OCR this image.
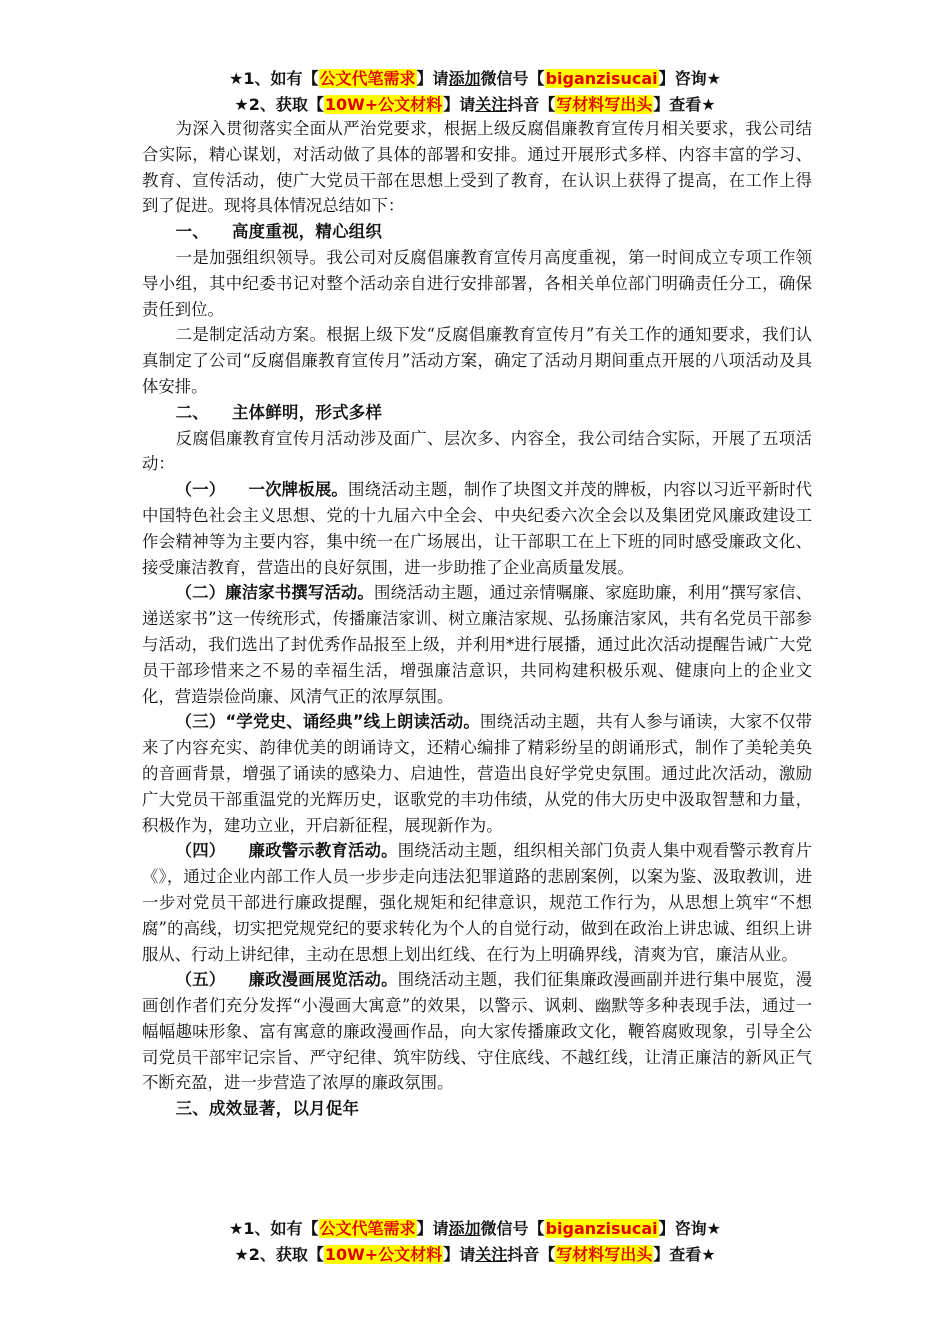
★1、如有【公文代笔需求】请添加微信号【biganzisucai】咨询★
★2、获取【10W+公文材料】请关注抖音【写材料写出头】查看★

为深入贯彻落实全面从严治党要求，根据上级反腐倡廉教育宣传月相关要求，我公司结合实际，精心谋划，对活动做了具体的部署和安排。通过开展形式多样、内容丰富的学习、教育、宣传活动，使广大党员干部在思想上受到了教育，在认识上获得了提高，在工作上得到了促进。现将具体情况总结如下：

一、 高度重视，精心组织

一是加强组织领导。我公司对反腐倡廉教育宣传月高度重视，第一时间成立专项工作领导小组，其中纪委书记对整个活动亲自进行安排部署，各相关单位部门明确责任分工，确保责任到位。

二是制定活动方案。根据上级下发“反腐倡廉教育宣传月”有关工作的通知要求，我们认真制定了公司“反腐倡廉教育宣传月”活动方案，确定了活动月期间重点开展的八项活动及具体安排。

二、 主体鲜明，形式多样

反腐倡廉教育宣传月活动涉及面广、层次多、内容全，我公司结合实际，开展了五项活动：

（一） 一次牌板展。围绕活动主题，制作了块图文并茂的牌板，内容以习近平新时代中国特色社会主义思想、党的十九届六中全会、中央纪委六次全会以及集团党风廉政建设工作会精神等为主要内容，集中统一在广场展出，让干部职工在上下班的同时感受廉政文化、接受廉洁教育，营造出的良好氛围，进一步助推了企业高质量发展。

（二）廉洁家书撰写活动。围绕活动主题，通过亲情嘱廉、家庭助廉，利用“撰写家信、递送家书”这一传统形式，传播廉洁家训、树立廉洁家规、弘扬廉洁家风，共有名党员干部参与活动，我们选出了封优秀作品报至上级，并利用*进行展播，通过此次活动提醒告诫广大党员干部珍惜来之不易的幸福生活，增强廉洁意识，共同构建积极乐观、健康向上的企业文化，营造崇俭尚廉、风清气正的浓厚氛围。

（三）“学党史、诵经典”线上朗读活动。围绕活动主题，共有人参与诵读，大家不仅带来了内容充实、韵律优美的朗诵诗文，还精心编排了精彩纷呈的朗诵形式，制作了美轮美奂的音画背景，增强了诵读的感染力、启迪性，营造出良好学党史氛围。通过此次活动，激励广大党员干部重温党的光辉历史，讴歌党的丰功伟绩，从党的伟大历史中汲取智慧和力量，积极作为，建功立业，开启新征程，展现新作为。

（四） 廉政警示教育活动。围绕活动主题，组织相关部门负责人集中观看警示教育片《》，通过企业内部工作人员一步步走向违法犯罪道路的悲剧案例，以案为鉴、汲取教训，进一步对党员干部进行廉政提醒，强化规矩和纪律意识，规范工作行为，从思想上筑牢“不想腐”的高线，切实把党规党纪的要求转化为个人的自觉行动，做到在政治上讲忠诚、组织上讲服从、行动上讲纪律，主动在思想上划出红线、在行为上明确界线，清爽为官，廉洁从业。

（五） 廉政漫画展览活动。围绕活动主题，我们征集廉政漫画副并进行集中展览，漫画创作者们充分发挥“小漫画大寓意”的效果，以警示、讽刺、幽默等多种表现手法，通过一幅幅趣味形象、富有寓意的廉政漫画作品，向大家传播廉政文化，鞭笞腐败现象，引导全公司党员干部牢记宗旨、严守纪律、筑牢防线、守住底线、不越红线，让清正廉洁的新风正气不断充盈，进一步营造了浓厚的廉政氛围。

三、成效显著，以月促年

★1、如有【公文代笔需求】请添加微信号【biganzisucai】咨询★
★2、获取【10W+公文材料】请关注抖音【写材料写出头】查看★
